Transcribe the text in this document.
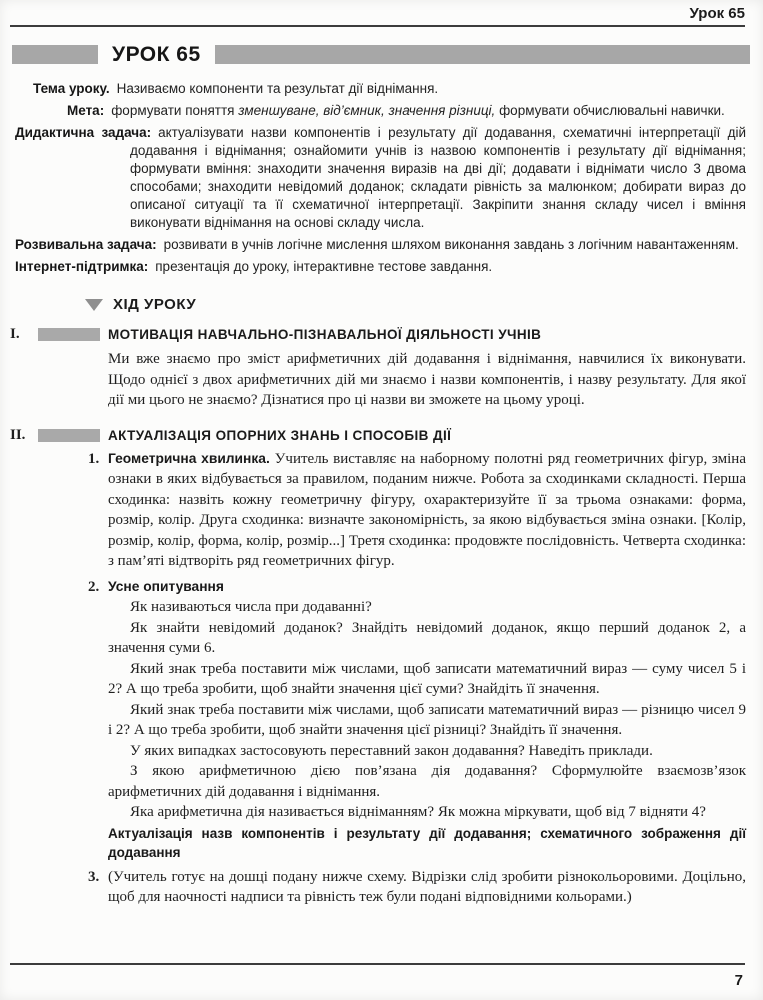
Урок 65
УРОК 65

Тема уроку. Називаємо компоненти та результат дії віднімання.

Мета: формувати поняття зменшуване, від’ємник, значення різниці, формувати обчислювальні навички.

Дидактична задача: актуалізувати назви компонентів і результату дії додавання, схематичні інтерпретації дій додавання і віднімання; ознайомити учнів із назвою компонентів і результату дії віднімання; формувати вміння: знаходити значення виразів на дві дії; додавати і віднімати число 3 двома способами; знаходити невідомий доданок; складати рівність за малюнком; добирати вираз до описаної ситуації та її схематичної інтерпретації. Закріпити знання складу чисел і вміння виконувати віднімання на основі складу числа.

Розвивальна задача: розвивати в учнів логічне мислення шляхом виконання завдань з логічним навантаженням.

Інтернет-підтримка: презентація до уроку, інтерактивне тестове завдання.

ХІД УРОКУ
I.	МОТИВАЦІЯ НАВЧАЛЬНО-ПІЗНАВАЛЬНОЇ ДІЯЛЬНОСТІ УЧНІВ

Ми вже знаємо про зміст арифметичних дій додавання і віднімання, навчилися їх виконувати. Щодо однієї з двох арифметичних дій ми знаємо і назви компонентів, і назву результату. Для якої дії ми цього не знаємо? Дізнатися про ці назви ви зможете на цьому уроці.

II.	АКТУАЛІЗАЦІЯ ОПОРНИХ ЗНАНЬ І СПОСОБІВ ДІЇ

1. Геометрична хвилинка. Учитель виставляє на наборному полотні ряд геометричних фігур, зміна ознаки в яких відбувається за правилом, поданим нижче. Робота за сходинками складності. Перша сходинка: назвіть кожну геометричну фігуру, охарактеризуйте її за трьома ознаками: форма, розмір, колір. Друга сходинка: визначте закономірність, за якою відбувається зміна ознаки. [Колір, розмір, колір, форма, колір, розмір...] Третя сходинка: продовжте послідовність. Четверта сходинка: з пам’яті відтворіть ряд геометричних фігур.

2. Усне опитування

Як називаються числа при додаванні?

Як знайти невідомий доданок? Знайдіть невідомий доданок, якщо перший доданок 2, а значення суми 6.

Який знак треба поставити між числами, щоб записати математичний вираз — суму чисел 5 і 2? А що треба зробити, щоб знайти значення цієї суми? Знайдіть її значення.

Який знак треба поставити між числами, щоб записати математичний вираз — різницю чисел 9 і 2? А що треба зробити, щоб знайти значення цієї різниці? Знайдіть її значення.

У яких випадках застосовують переставний закон додавання? Наведіть приклади.

З якою арифметичною дією пов’язана дія додавання? Сформулюйте взаємозв’язок арифметичних дій додавання і віднімання.

Яка арифметична дія називається відніманням? Як можна міркувати, щоб від 7 відняти 4?

Актуалізація назв компонентів і результату дії додавання; схематичного зображення дії додавання

3. (Учитель готує на дошці подану нижче схему. Відрізки слід зробити різнокольоровими. Доцільно, щоб для наочності надписи та рівність теж були подані відповідними кольорами.)

7
